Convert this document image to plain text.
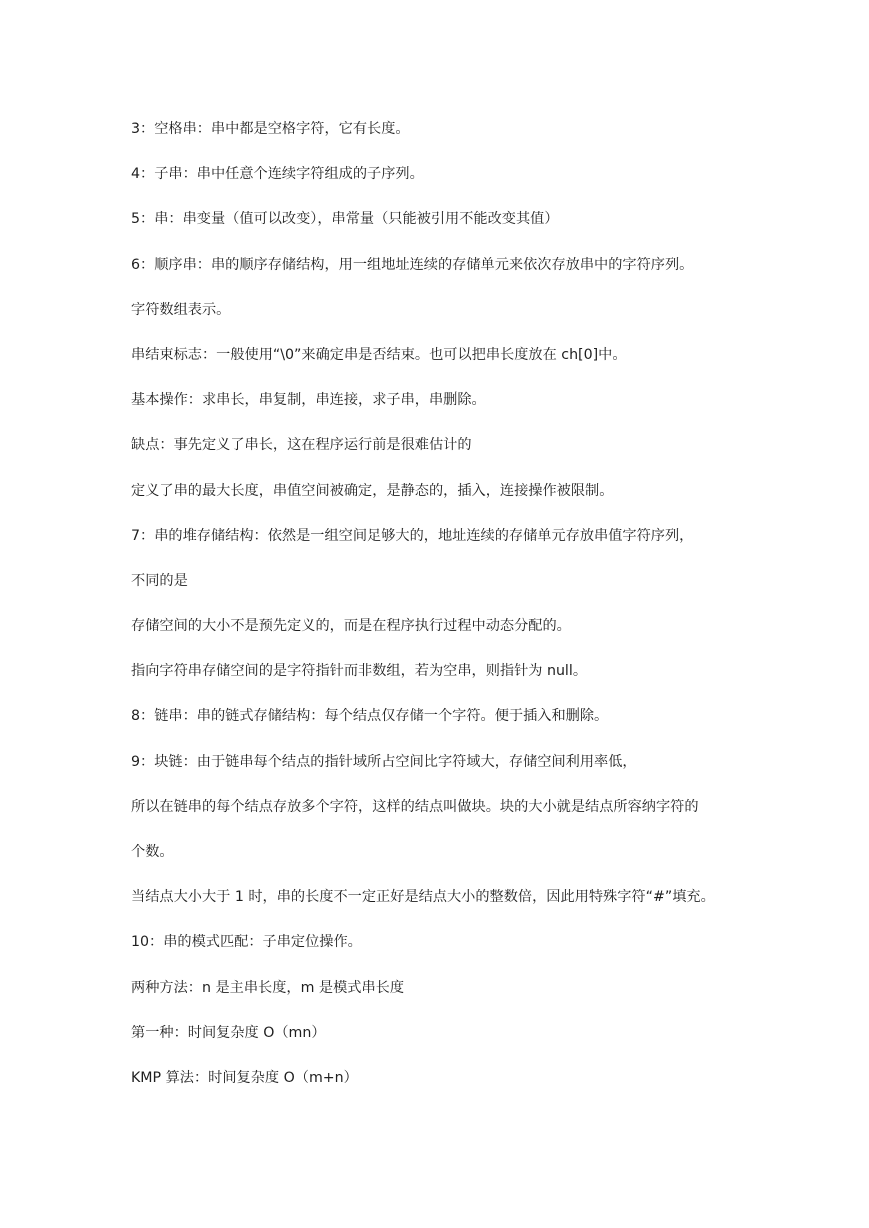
3：空格串：串中都是空格字符，它有长度。

4：子串：串中任意个连续字符组成的子序列。

5：串：串变量（值可以改变），串常量（只能被引用不能改变其值）

6：顺序串：串的顺序存储结构，用一组地址连续的存储单元来依次存放串中的字符序列。

字符数组表示。

串结束标志：一般使用“\0”来确定串是否结束。也可以把串长度放在 ch[0]中。

基本操作：求串长，串复制，串连接，求子串，串删除。

缺点：事先定义了串长，这在程序运行前是很难估计的

定义了串的最大长度，串值空间被确定，是静态的，插入，连接操作被限制。

7：串的堆存储结构：依然是一组空间足够大的，地址连续的存储单元存放串值字符序列，

不同的是

存储空间的大小不是预先定义的，而是在程序执行过程中动态分配的。

指向字符串存储空间的是字符指针而非数组，若为空串，则指针为 null。

8：链串：串的链式存储结构：每个结点仅存储一个字符。便于插入和删除。

9：块链：由于链串每个结点的指针域所占空间比字符域大，存储空间利用率低，

所以在链串的每个结点存放多个字符，这样的结点叫做块。块的大小就是结点所容纳字符的

个数。

当结点大小大于 1 时，串的长度不一定正好是结点大小的整数倍，因此用特殊字符“#”填充。

10：串的模式匹配：子串定位操作。

两种方法：n 是主串长度，m 是模式串长度

第一种：时间复杂度 O（mn）

KMP 算法：时间复杂度 O（m+n）
